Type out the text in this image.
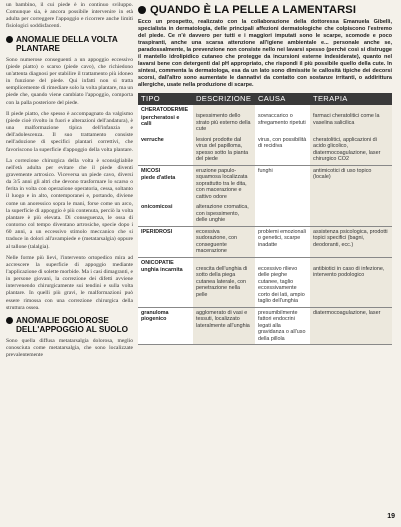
un bambino, il cui piede è in continuo sviluppo. Comunque sia, è ancora possibile intervenire in età adulta per correggere l'appoggio e ricorrere anche limiti fisiologici soddisfacenti.

ANOMALIE DELLA VOLTA PLANTARE

Sono numerose conseguenti a un appoggio eccessivo (piede piatto) o scarso (piede cavo), che richiedono un'attenta diagnosi per stabilire il trattamento più idoneo in funzione del piede. Qui infatti non si tratta semplicemente di rimediare solo la volta plantare, ma un piede che, quando viene cambiato l'appoggio, comporta con la palla posteriore del piede.

Il piede piatto, che spesso è accompagnato da valgismo (piede cioè rivolto in fuori e alterazioni dell'andatura), è una malformazione tipica dell'infanzia e dell'adolescenza. Il suo trattamento consiste nell'adozione di specifici plantari correttivi, che favoriscono la superficie d'appoggio della volta plantare.

La correzione chirurgica della volta è sconsigliabile nell'età adulta per evitare che il piede diventi gravemente artrosico. Viceversa un piede cavo, diversi da 3/5 anni gli altri che devono trasformare lo scarso o ferita in volta con operazione operatoria, cessa, soltanto il luogo e in alto, contemporanei e, portando, diviene come un anoressico sopra le mani, forse come un arco, la superficie di appoggio è più contenuta, perciò la volta plantare è più elevata. Di conseguenza, le ossa di contorno col tempo diventano artrosiche, specie dopo i 60 anni, a un eccessivo stimolo meccanico che si traduce in dolori all'avampiede e (metatarsalgia) oppure al tallone (talalgia).

Nelle forme più lievi, l'intervento ortopedico mira ad accrescere la superficie di appoggio mediante l'applicazione di solette morbide. Ma i casi dimagranti, e in persone giovani, la correzione dei difetti avviene intervenendo chirurgicamente sui tendini e sulla volta plantare. In quelli più gravi, le malformazioni può essere rimossa con una correzione chirurgica della struttura ossea.

ANOMALIE DOLOROSE DELL'APPOGGIO AL SUOLO

Sono quella diffusa metatarsalgia dolorosa, meglio conosciuta come metatarsalgia, che sono localizzate prevalentemente

QUANDO È LA PELLE A LAMENTARSI

Ecco un prospetto, realizzato con la collaborazione della dottoressa Emanuela Gibelli, specialista in dermatologia, delle principali affezioni dermatologiche che colpiscono l'estremo del piede. Ce n'è davvero per tutti e i maggiori imputati sono le scarpe, scomode e poco traspiranti, anche una scarsa attenzione all'igiene ambientale e... personale anche se, paradossalmente, la prevenzione non consiste nello nei lavarsi spesso (perché così si distrugge il mantello idrolipidico cutaneo che protegge da incursioni esterne indesiderate), quanto nel lavarsi bene con detergenti dal pH appropriato, che rispondi il più possibile quello della cute. In sintesi, commenta la dermatologa, esa da un lato sono dimissite le callosità tipiche dei decorsi scorsi, dall'altro sono aumentate le dannativi da contatto con sostanze irritanti, o addirittura allergiche, usate nella produzione di scarpe.

TIPO	DESCRIZIONE	CAUSA	TERAPIA

CHERATODERMIE
ipercheratosi e calli	ispessimento dello strato più esterno della cute	sovraccarico o sfregamento ripetuti	farmaci cheratolitici come la vaselina salicilica
verruche	lesioni prodotte dal virus del papilloma, spesso sotto la pianta del piede	virus, con possibilità di recidiva	cheratolitici, applicazioni di acido glicolico, diatermocoagulazione, laser chirurgico CO2

MICOSI
piede d'atleta	eruzione papulo-squamosa localizzata soprattutto tra le dita, con macerazione e cattivo odore	funghi	antimicotici di uso topico (locale)
onicomicosi	alterazione cromatica, con ispessimento, delle unghie		

IPERIDROSI	eccessiva sudorazione, con conseguente macerazione	problemi emozionali o genetici, scarpe inadatte	assistenza psicologica, prodotti topici specifici (bagni, deodoranti, ecc.)

ONICOPATIE
unghia incarnita	crescita dell'unghia di sotto della piega cutanea laterale, con penetrazione nella pelle	eccessivo rilievo delle pieghe cutanee, taglio eccessivamente corto dei lati, ampio taglio dell'unghia	antibiotici in caso di infezione, intervento podologico
granuloma piogenico	agglomerato di vasi e tessuti, localizzato lateralmente all'unghia	presumibilmente fattori endocrini legati alla gravidanza o all'uso della pillola	diatermocoagulazione, laser
19
